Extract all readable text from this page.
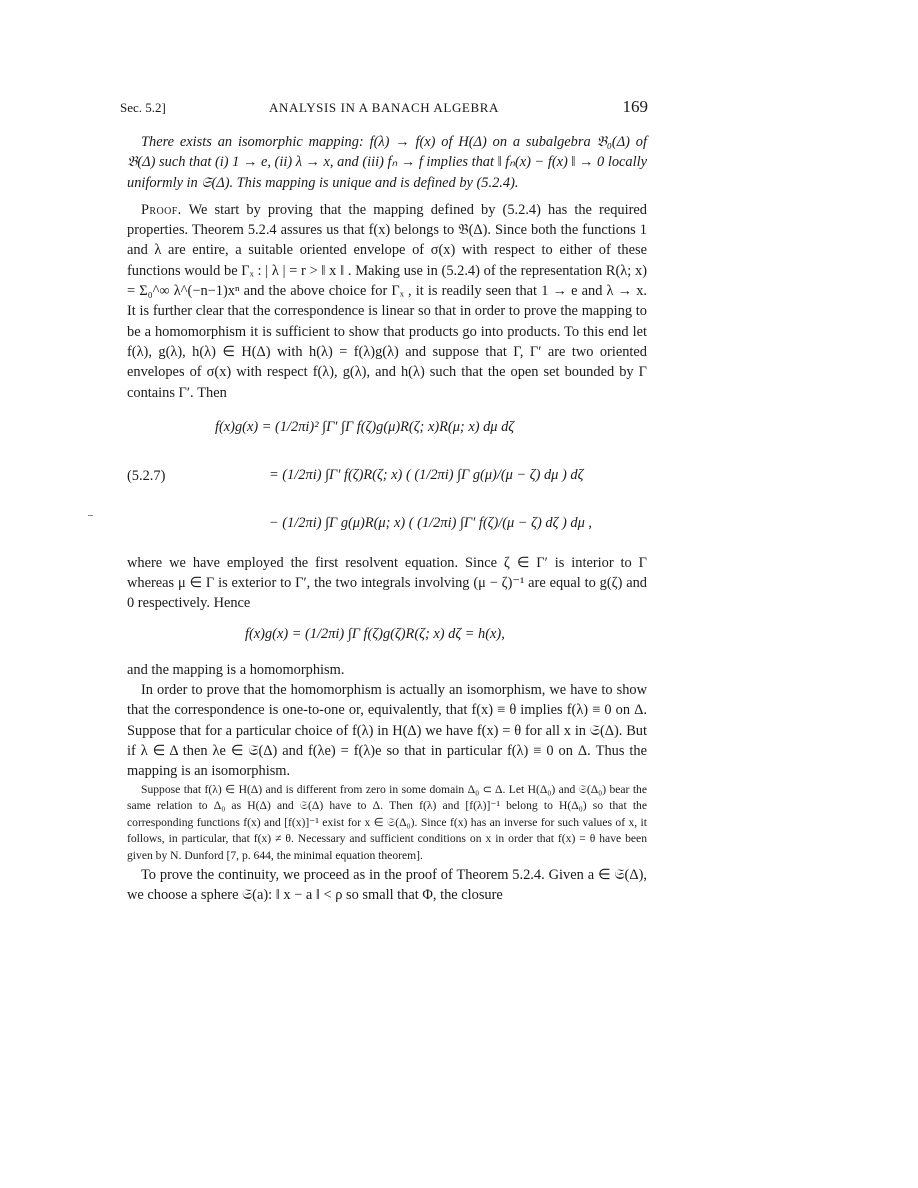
Sec. 5.2]	ANALYSIS IN A BANACH ALGEBRA	169

There exists an isomorphic mapping: f(λ) → f(x) of H(Δ) on a subalgebra 𝔅₀(Δ) of 𝔅(Δ) such that (i) 1 → e, (ii) λ → x, and (iii) fₙ → f implies that ‖ fₙ(x) − f(x) ‖ → 0 locally uniformly in 𝔖(Δ). This mapping is unique and is defined by (5.2.4).

Proof. We start by proving that the mapping defined by (5.2.4) has the required properties. Theorem 5.2.4 assures us that f(x) belongs to 𝔅(Δ). Since both the functions 1 and λ are entire, a suitable oriented envelope of σ(x) with respect to either of these functions would be Γₓ : | λ | = r > ‖ x ‖ . Making use in (5.2.4) of the representation R(λ; x) = Σ₀^∞ λ^(−n−1)xⁿ and the above choice for Γₓ , it is readily seen that 1 → e and λ → x. It is further clear that the correspondence is linear so that in order to prove the mapping to be a homomorphism it is sufficient to show that products go into products. To this end let f(λ), g(λ), h(λ) ∈ H(Δ) with h(λ) = f(λ)g(λ) and suppose that Γ, Γ′ are two oriented envelopes of σ(x) with respect f(λ), g(λ), and h(λ) such that the open set bounded by Γ contains Γ′. Then

(5.2.7)
f(x)g(x) = (1/2πi)² ∫Γ′ ∫Γ f(ζ)g(μ)R(ζ; x)R(μ; x) dμ dζ
= (1/2πi) ∫Γ′ f(ζ)R(ζ; x) ( (1/2πi) ∫Γ g(μ)/(μ − ζ) dμ ) dζ
− (1/2πi) ∫Γ g(μ)R(μ; x) ( (1/2πi) ∫Γ′ f(ζ)/(μ − ζ) dζ ) dμ ,

where we have employed the first resolvent equation. Since ζ ∈ Γ′ is interior to Γ whereas μ ∈ Γ is exterior to Γ′, the two integrals involving (μ − ζ)⁻¹ are equal to g(ζ) and 0 respectively. Hence

f(x)g(x) = (1/2πi) ∫Γ f(ζ)g(ζ)R(ζ; x) dζ = h(x),

and the mapping is a homomorphism.

In order to prove that the homomorphism is actually an isomorphism, we have to show that the correspondence is one-to-one or, equivalently, that f(x) ≡ θ implies f(λ) ≡ 0 on Δ. Suppose that for a particular choice of f(λ) in H(Δ) we have f(x) = θ for all x in 𝔖(Δ). But if λ ∈ Δ then λe ∈ 𝔖(Δ) and f(λe) = f(λ)e so that in particular f(λ) ≡ 0 on Δ. Thus the mapping is an isomorphism.

Suppose that f(λ) ∈ H(Δ) and is different from zero in some domain Δ₀ ⊂ Δ. Let H(Δ₀) and 𝔖(Δ₀) bear the same relation to Δ₀ as H(Δ) and 𝔖(Δ) have to Δ. Then f(λ) and [f(λ)]⁻¹ belong to H(Δ₀) so that the corresponding functions f(x) and [f(x)]⁻¹ exist for x ∈ 𝔖(Δ₀). Since f(x) has an inverse for such values of x, it follows, in particular, that f(x) ≠ θ. Necessary and sufficient conditions on x in order that f(x) = θ have been given by N. Dunford [7, p. 644, the minimal equation theorem].

To prove the continuity, we proceed as in the proof of Theorem 5.2.4. Given a ∈ 𝔖(Δ), we choose a sphere 𝔖(a): ‖ x − a ‖ < ρ so small that Φ, the closure
